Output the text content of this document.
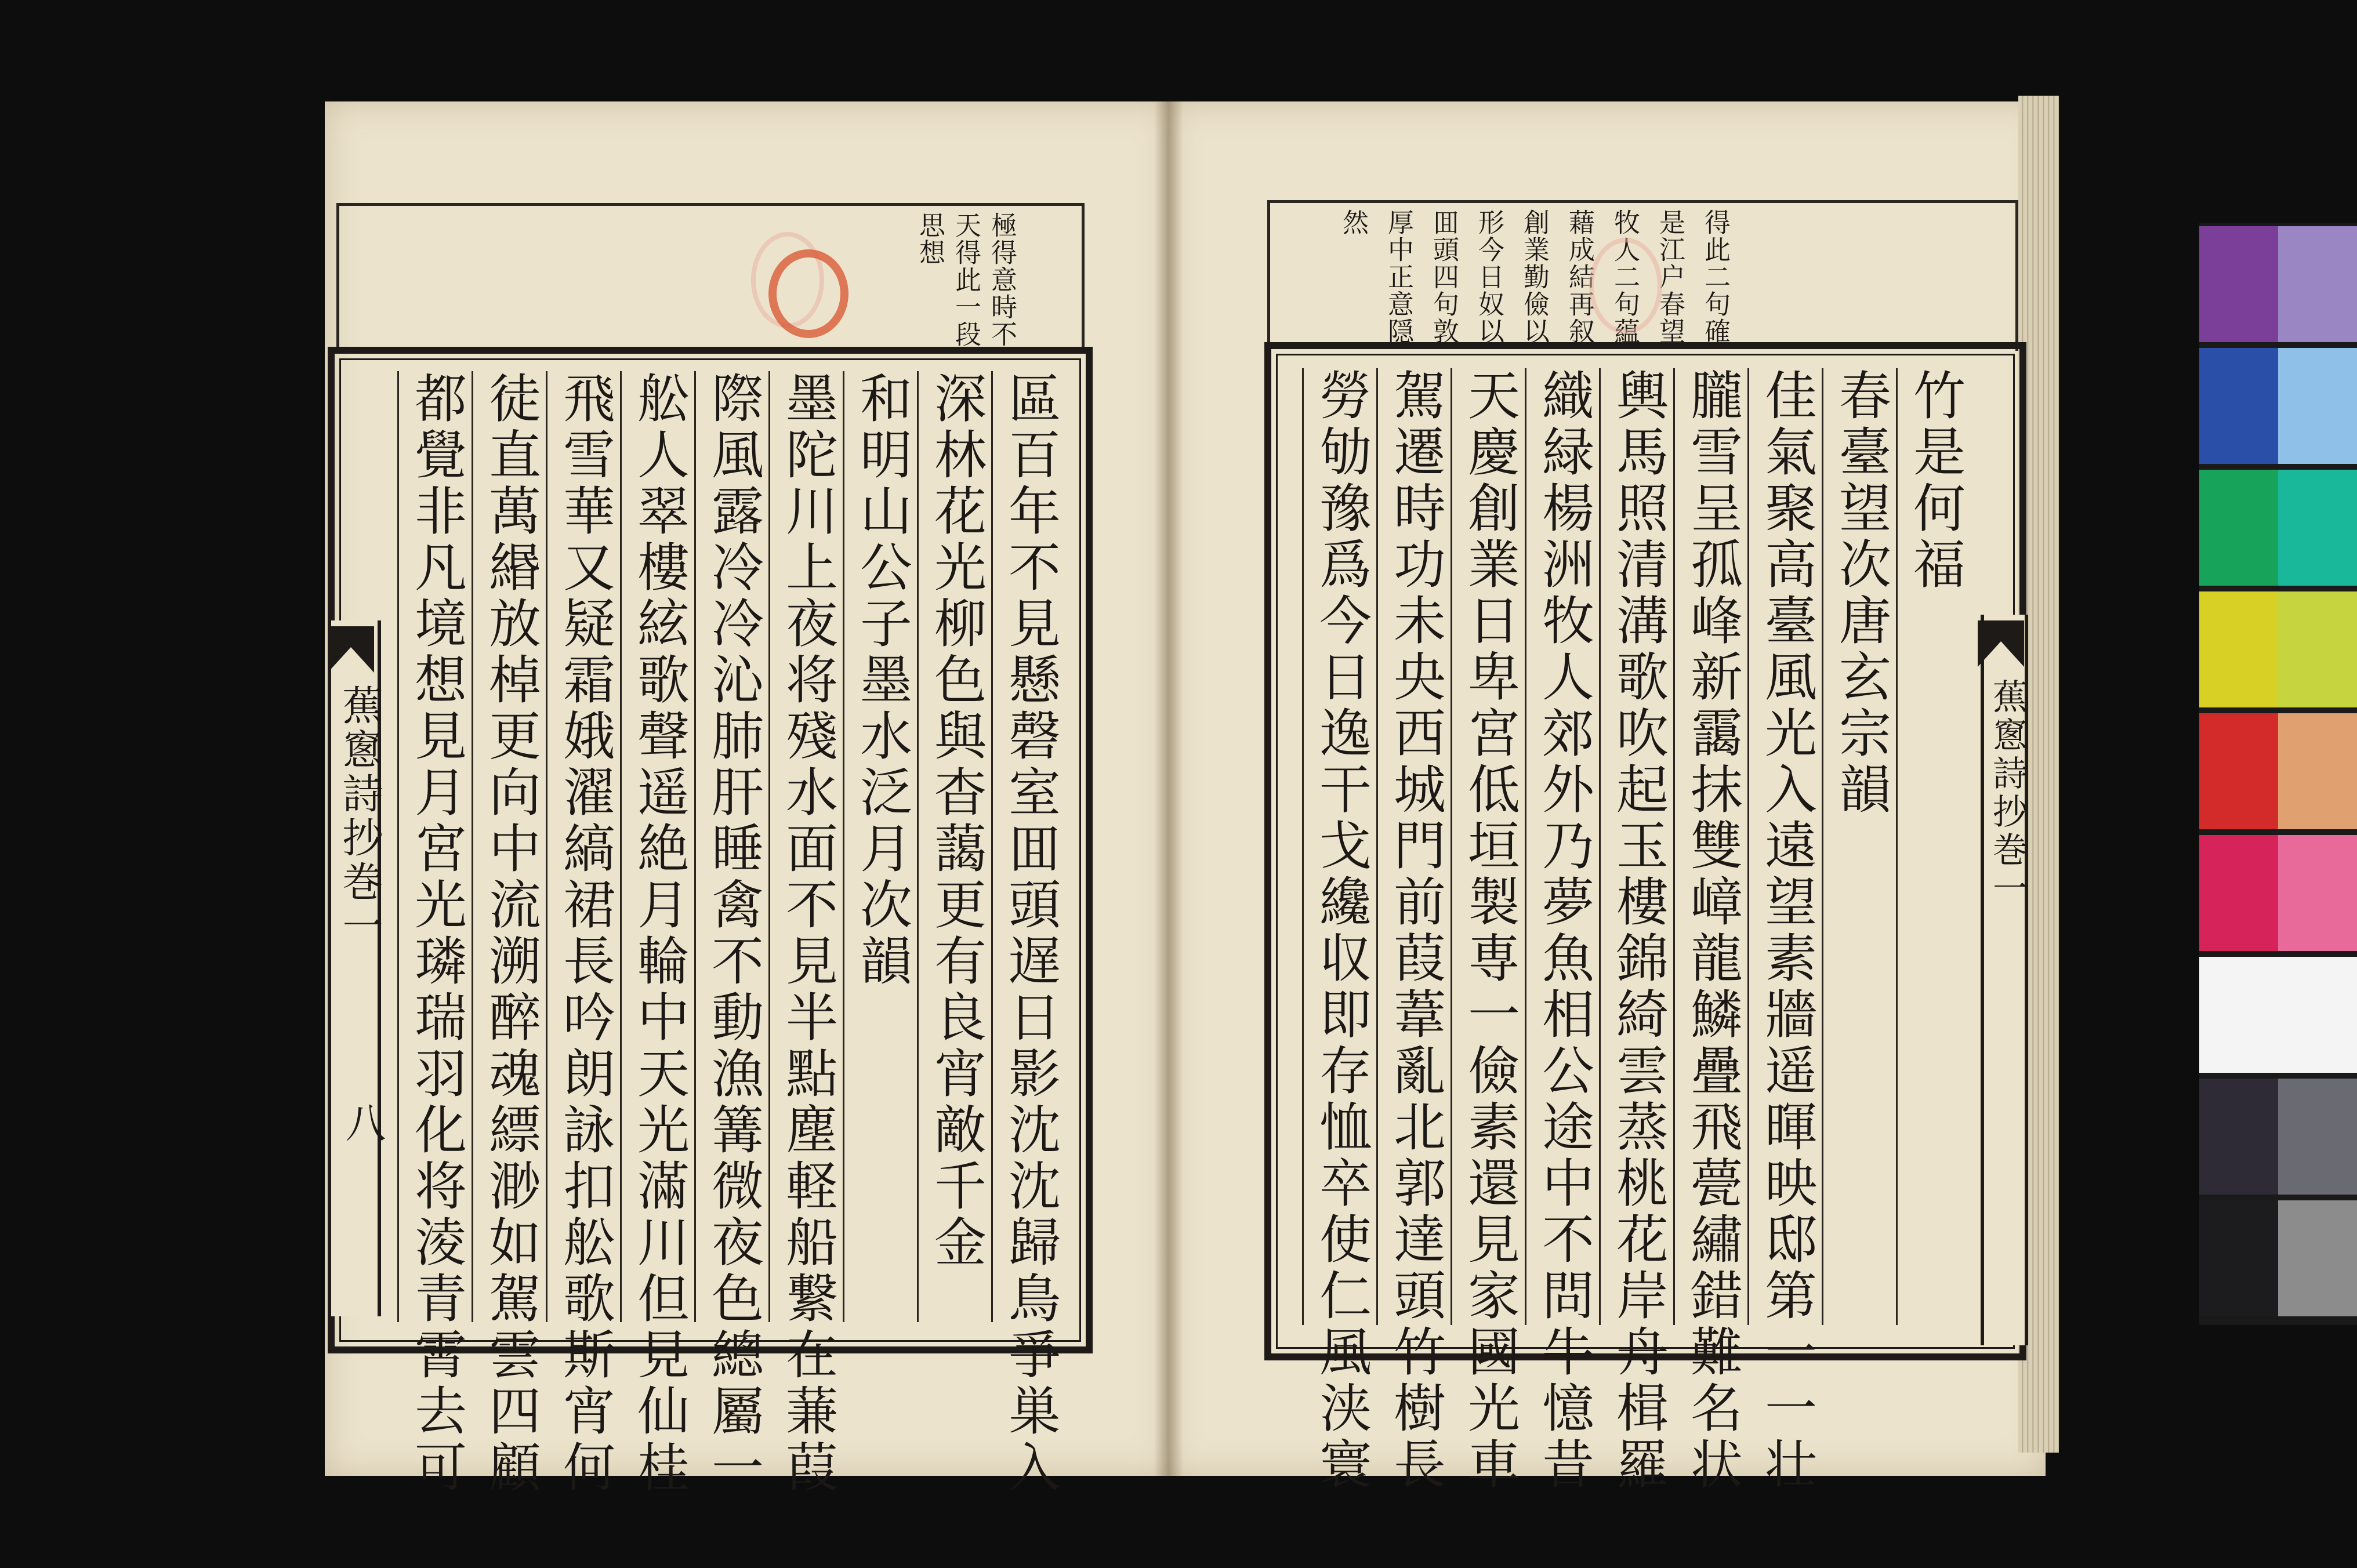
極得意時不
天得此一段
思想
區百年不見懸磬室囬頭遅日影沈沈歸鳥爭巣入
深林花光柳色與杳藹更有良宵敵千金
和明山公子墨水泛月次韻
墨陀川上夜将殘水面不見半點塵軽船繋在蒹葭
際風露冷冷沁肺肝睡禽不動漁篝微夜色總屬一
舩人翠樓絃歌聲遥絶月輪中天光滿川但見仙桂
飛雪華又疑霜娥濯縞裙長吟朗詠扣舩歌斯宵何
徒直萬緡放棹更向中流溯醉魂縹渺如駕雲四顧
都覺非凡境想見月宮光璘瑞羽化将淩青霄去可
蕉窻詩抄巻一
八
得此二句確
是江户春望
牧人二句藴
藉成結再叙
創業勤儉以
形今日奴以
囬頭四句敦
厚中正意隠
然
竹是何福
春臺望次唐玄宗韻
佳氣聚高臺風光入遠望素牆遥暉映邸第一一壮
朧雪呈孤峰新靄抹雙嶂龍鱗疊飛甍繡錯難名状
輿馬照清溝歌吹起玉樓錦綺雲蒸桃花岸舟楫羅
織緑楊洲牧人郊外乃夢魚相公途中不問牛憶昔
天慶創業日卑宮低垣製専一儉素還見家國光車
駕遷時功未央西城門前葭葦亂北郭達頭竹樹長
勞劬豫爲今日逸干戈纔収即存恤卒使仁風浃寰	蕉窻詩抄巻一
